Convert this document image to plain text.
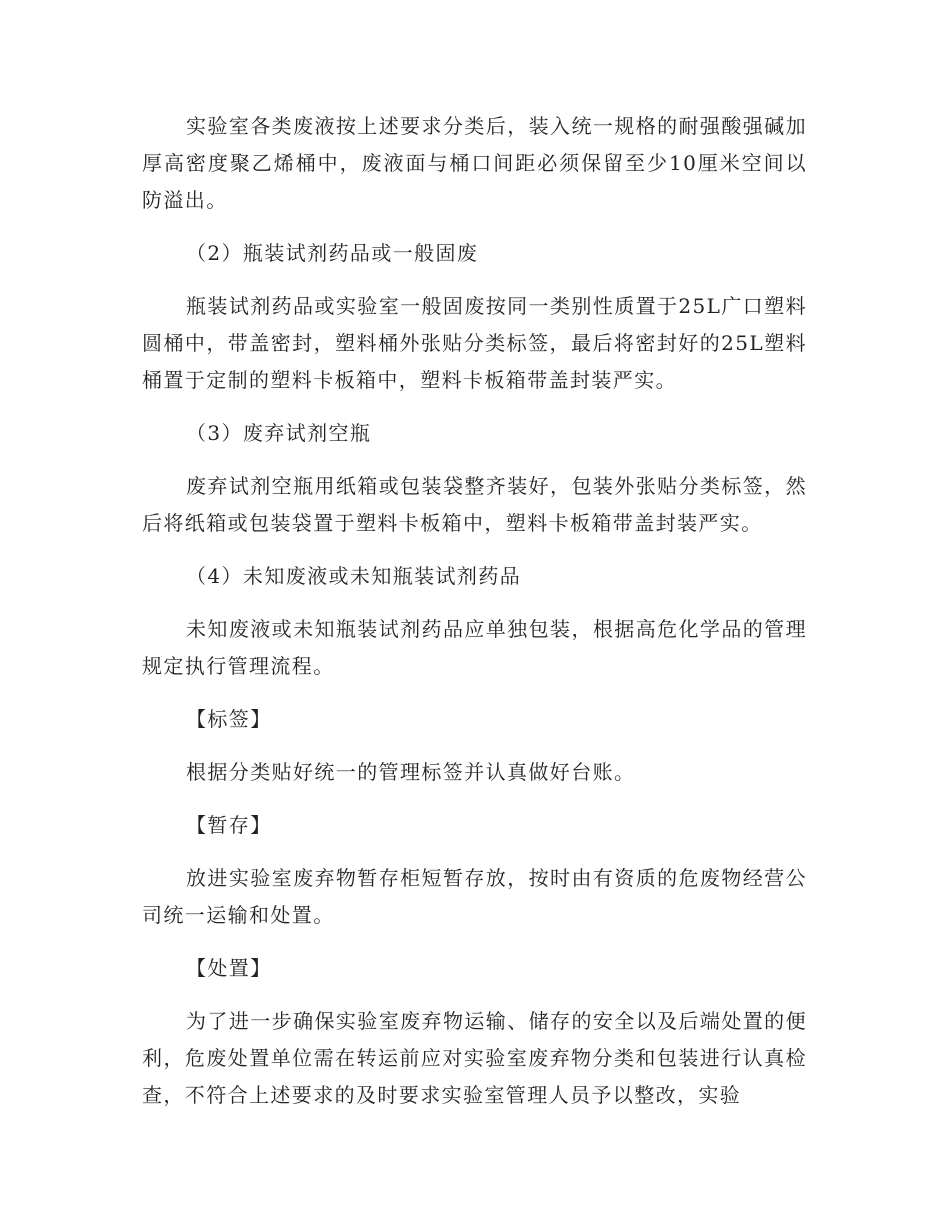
实验室各类废液按上述要求分类后，装入统一规格的耐强酸强碱加厚高密度聚乙烯桶中，废液面与桶口间距必须保留至少10厘米空间以防溢出。

（2）瓶装试剂药品或一般固废

瓶装试剂药品或实验室一般固废按同一类别性质置于25L广口塑料圆桶中，带盖密封，塑料桶外张贴分类标签，最后将密封好的25L塑料桶置于定制的塑料卡板箱中，塑料卡板箱带盖封装严实。

（3）废弃试剂空瓶

废弃试剂空瓶用纸箱或包装袋整齐装好，包装外张贴分类标签，然后将纸箱或包装袋置于塑料卡板箱中，塑料卡板箱带盖封装严实。

（4）未知废液或未知瓶装试剂药品

未知废液或未知瓶装试剂药品应单独包装，根据高危化学品的管理规定执行管理流程。

【标签】

根据分类贴好统一的管理标签并认真做好台账。

【暂存】

放进实验室废弃物暂存柜短暂存放，按时由有资质的危废物经营公司统一运输和处置。

【处置】

为了进一步确保实验室废弃物运输、储存的安全以及后端处置的便利，危废处置单位需在转运前应对实验室废弃物分类和包装进行认真检查，不符合上述要求的及时要求实验室管理人员予以整改，实验
